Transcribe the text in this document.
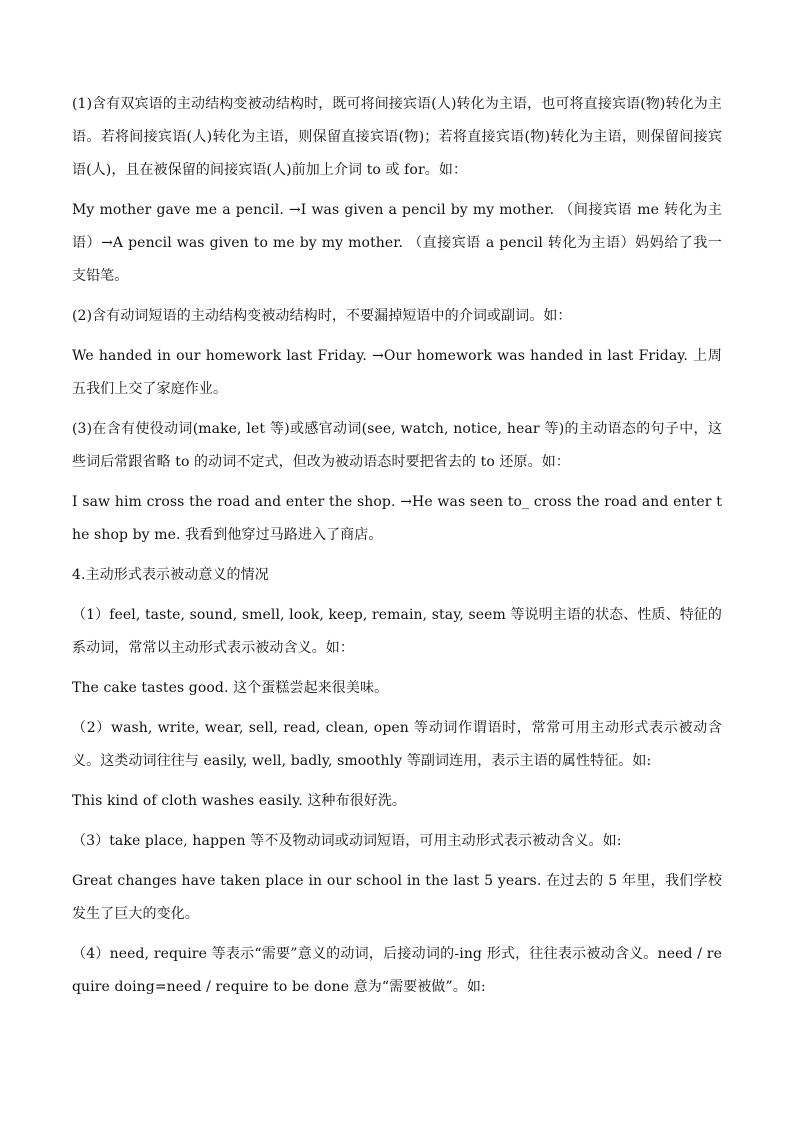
(1)含有双宾语的主动结构变被动结构时，既可将间接宾语(人)转化为主语，也可将直接宾语(物)转化为主语。若将间接宾语(人)转化为主语，则保留直接宾语(物)；若将直接宾语(物)转化为主语，则保留间接宾语(人)，且在被保留的间接宾语(人)前加上介词 to 或 for。如：

My mother gave me a pencil. →I was given a pencil by my mother. （间接宾语 me 转化为主语）→A pencil was given to me by my mother. （直接宾语 a pencil 转化为主语）妈妈给了我一支铅笔。

(2)含有动词短语的主动结构变被动结构时，不要漏掉短语中的介词或副词。如：

We handed in our homework last Friday. →Our homework was handed in last Friday. 上周五我们上交了家庭作业。

(3)在含有使役动词(make, let 等)或感官动词(see, watch, notice, hear 等)的主动语态的句子中，这些词后常跟省略 to 的动词不定式，但改为被动语态时要把省去的 to 还原。如：

I saw him cross the road and enter the shop. →He was seen to_ cross the road and enter the shop by me. 我看到他穿过马路进入了商店。

4.主动形式表示被动意义的情况

（1）feel, taste, sound, smell, look, keep, remain, stay, seem 等说明主语的状态、性质、特征的系动词，常常以主动形式表示被动含义。如：

The cake tastes good. 这个蛋糕尝起来很美味。

（2）wash, write, wear, sell, read, clean, open 等动词作谓语时，常常可用主动形式表示被动含义。这类动词往往与 easily, well, badly, smoothly 等副词连用，表示主语的属性特征。如:

This kind of cloth washes easily. 这种布很好洗。

（3）take place, happen 等不及物动词或动词短语，可用主动形式表示被动含义。如:

Great changes have taken place in our school in the last 5 years. 在过去的 5 年里，我们学校发生了巨大的变化。

（4）need, require 等表示“需要”意义的动词，后接动词的-ing 形式，往往表示被动含义。need / require doing=need / require to be done 意为“需要被做”。如:
